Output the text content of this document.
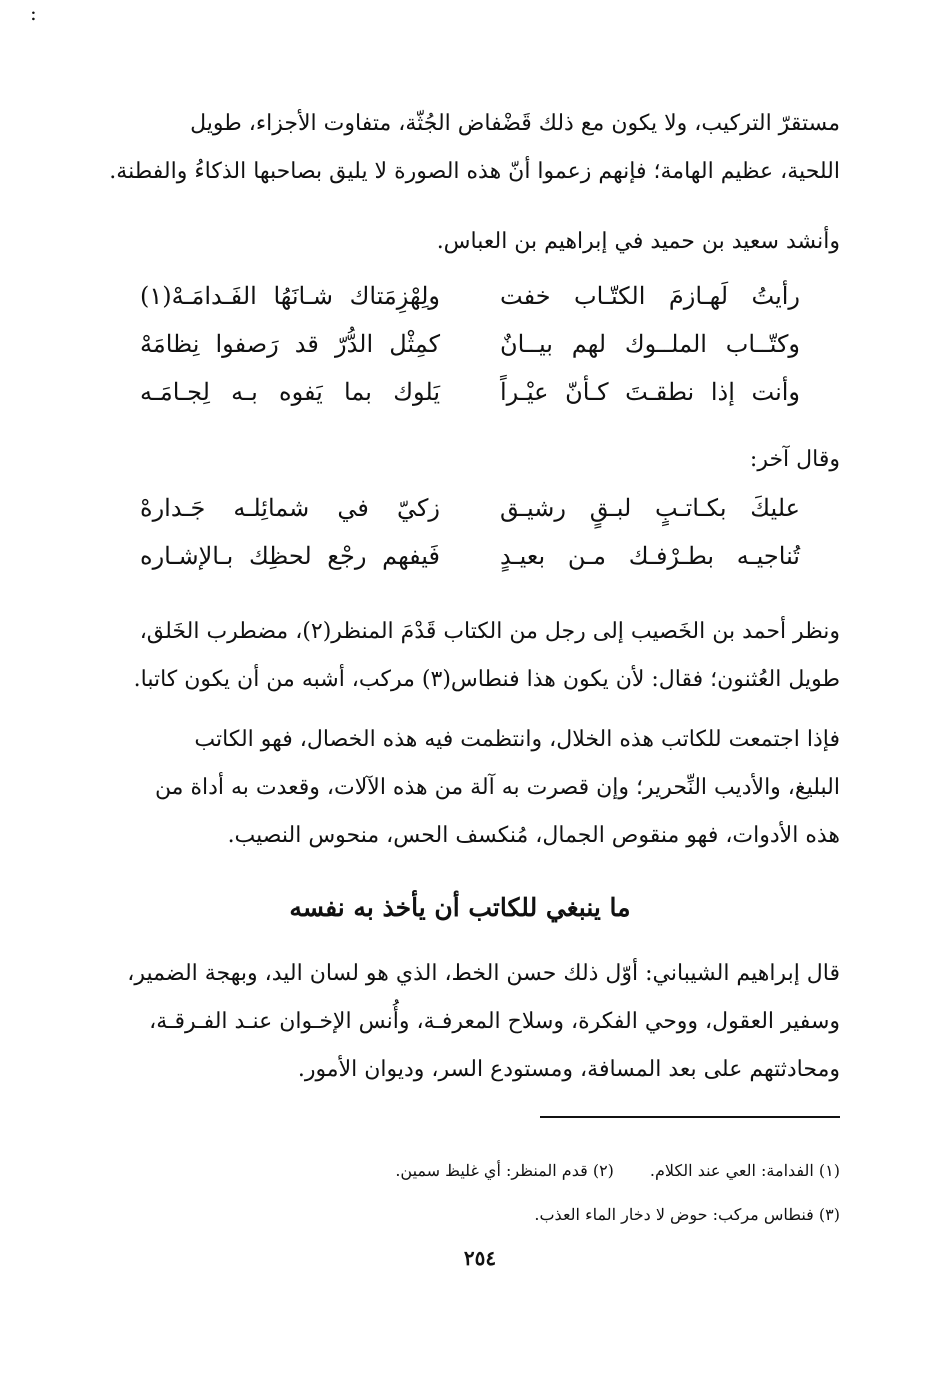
:
مستقرّ التركيب، ولا يكون مع ذلك قَضْفاض الجُثّة، متفاوت الأجزاء، طويل
اللحية، عظيم الهامة؛ فإنهم زعموا أنّ هذه الصورة لا يليق بصاحبها الذكاءُ والفطنة.
وأنشد سعيد بن حميد في إبراهيم بن العباس.
رأيتُ لَهـازمَ الكتّـاب خفت
ولِهْزِمَتاك شـانَهُا الفَـدامَـهْ(١)
وكتّــاب الملــوك لهم بيــانٌ
كمِثْل الدُّرّ قد رَصفوا نِظامَهْ
وأنت إذا نطقـتَ كـأنّ عيْـراً
يَلوك بما يَفوه بـه لِجـامَـه
وقال آخر:
عليكَ بكـاتـبٍ لبـقٍ رشيـق
زكيّ في شمائِلـه جَـدارهْ
تُناجيـه بطـرْفـك مـن بعيـدٍ
فَيفهم رجْع لحظِك بـالإشـاره
ونظر أحمد بن الخَصيب إلى رجل من الكتاب قَدْمَ المنظر(٢)، مضطرب الخَلق،
طويل العُثنون؛ فقال: لأن يكون هذا فنطاس(٣) مركب، أشبه من أن يكون كاتبا.
فإذا اجتمعت للكاتب هذه الخلال، وانتظمت فيه هذه الخصال، فهو الكاتب
البليغ، والأديب النِّحرير؛ وإن قصرت به آلة من هذه الآلات، وقعدت به أداة من
هذه الأدوات، فهو منقوص الجمال، مُنكسف الحس، منحوس النصيب.
ما ينبغي للكاتب أن يأخذ به نفسه
قال إبراهيم الشيباني: أوّل ذلك حسن الخط، الذي هو لسان اليد، وبهجة الضمير،
وسفير العقول، ووحي الفكرة، وسلاح المعرفـة، وأُنس الإخـوان عنـد الفـرقـة،
ومحادثتهم على بعد المسافة، ومستودع السر، وديوان الأمور.
(١) الفدامة: العي عند الكلام.(٢) قدم المنظر: أي غليظ سمين.
(٣) فنطاس مركب: حوض لا دخار الماء العذب.
٢٥٤
